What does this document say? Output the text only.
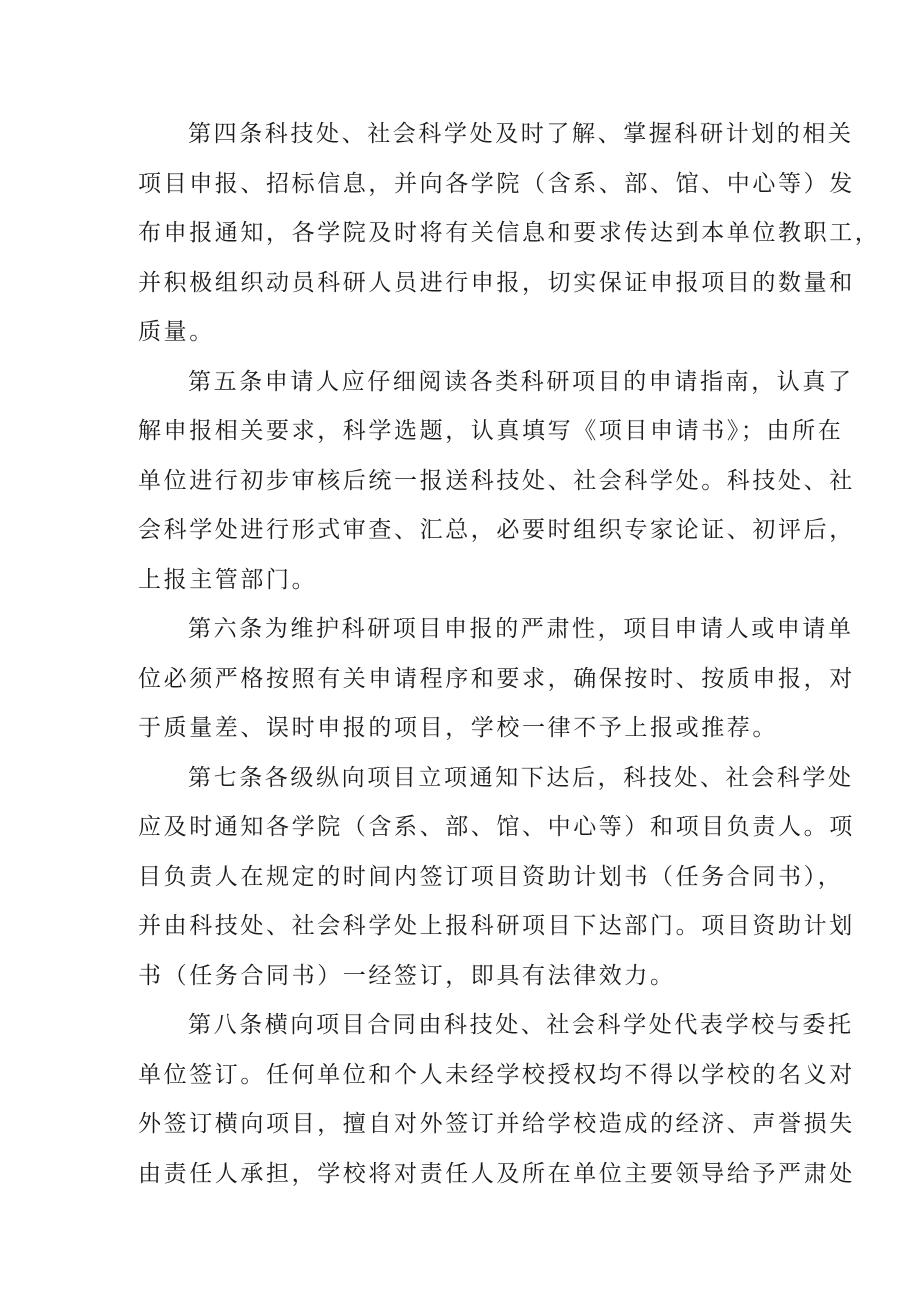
第四条科技处、社会科学处及时了解、掌握科研计划的相关
项目申报、招标信息，并向各学院（含系、部、馆、中心等）发
布申报通知，各学院及时将有关信息和要求传达到本单位教职工，
并积极组织动员科研人员进行申报，切实保证申报项目的数量和
质量。

第五条申请人应仔细阅读各类科研项目的申请指南，认真了
解申报相关要求，科学选题，认真填写《项目申请书》；由所在
单位进行初步审核后统一报送科技处、社会科学处。科技处、社
会科学处进行形式审查、汇总，必要时组织专家论证、初评后，
上报主管部门。

第六条为维护科研项目申报的严肃性，项目申请人或申请单
位必须严格按照有关申请程序和要求，确保按时、按质申报，对
于质量差、误时申报的项目，学校一律不予上报或推荐。

第七条各级纵向项目立项通知下达后，科技处、社会科学处
应及时通知各学院（含系、部、馆、中心等）和项目负责人。项
目负责人在规定的时间内签订项目资助计划书（任务合同书），
并由科技处、社会科学处上报科研项目下达部门。项目资助计划
书（任务合同书）一经签订，即具有法律效力。

第八条横向项目合同由科技处、社会科学处代表学校与委托
单位签订。任何单位和个人未经学校授权均不得以学校的名义对
外签订横向项目，擅自对外签订并给学校造成的经济、声誉损失
由责任人承担，学校将对责任人及所在单位主要领导给予严肃处
